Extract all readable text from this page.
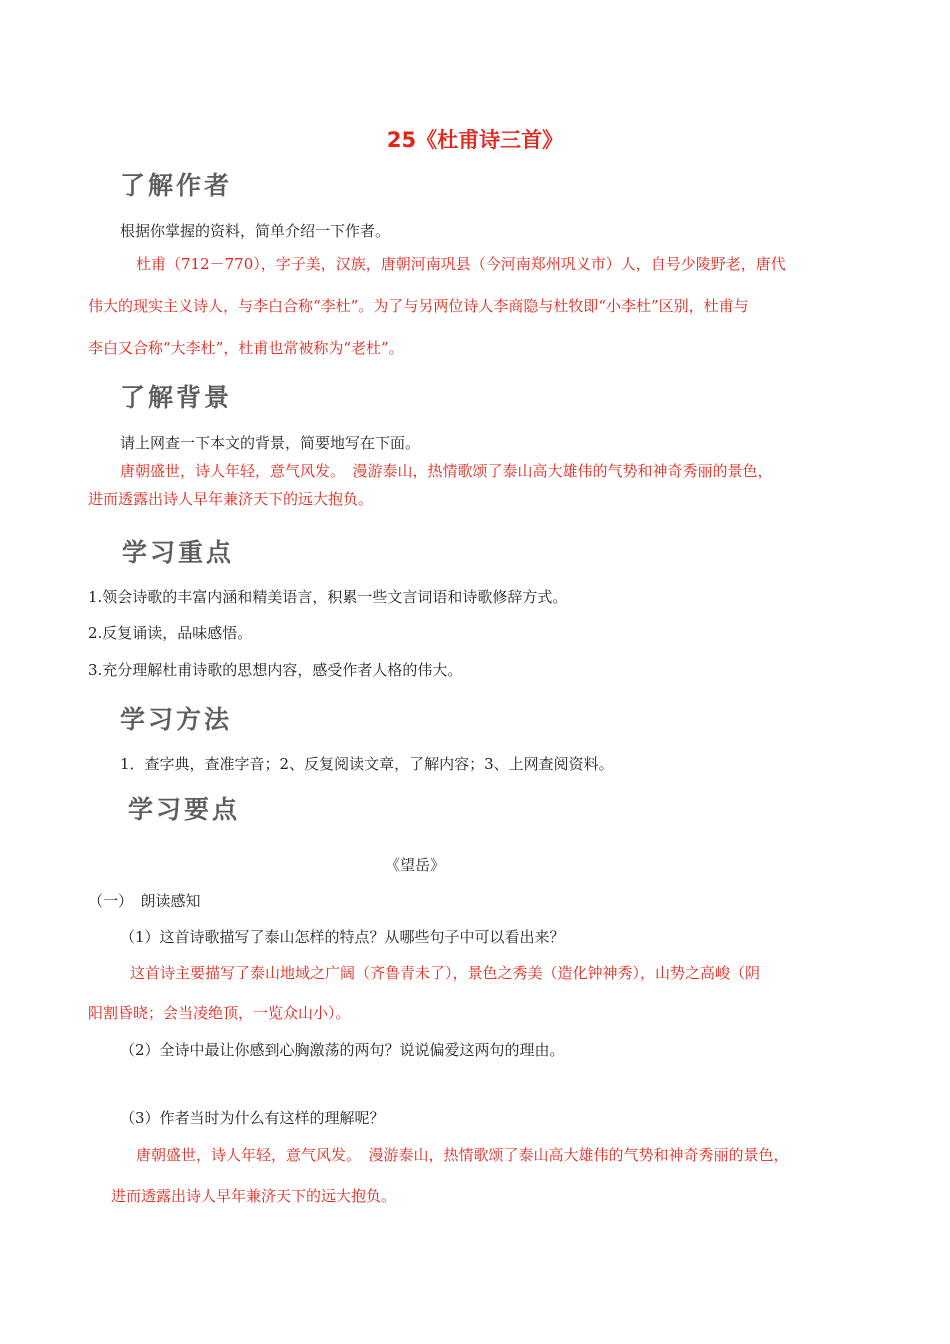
25《杜甫诗三首》
了解作者
根据你掌握的资料，简单介绍一下作者。
杜甫（712－770），字子美，汉族，唐朝河南巩县（今河南郑州巩义市）人，自号少陵野老，唐代
伟大的现实主义诗人，与李白合称“李杜”。为了与另两位诗人李商隐与杜牧即“小李杜”区别，杜甫与
李白又合称“大李杜”，杜甫也常被称为“老杜”。
了解背景
请上网查一下本文的背景，简要地写在下面。
唐朝盛世，诗人年轻，意气风发。　漫游泰山，热情歌颂了泰山高大雄伟的气势和神奇秀丽的景色，
进而透露出诗人早年兼济天下的远大抱负。
学习重点
1.领会诗歌的丰富内涵和精美语言，积累一些文言词语和诗歌修辞方式。
2.反复诵读，品味感悟。
3.充分理解杜甫诗歌的思想内容，感受作者人格的伟大。
学习方法
1．查字典，查准字音；2、反复阅读文章，了解内容；3、上网查阅资料。
学习要点
《望岳》
（一）　朗读感知
（1）这首诗歌描写了泰山怎样的特点？从哪些句子中可以看出来？
这首诗主要描写了泰山地域之广阔（齐鲁青未了），景色之秀美（造化钟神秀），山势之高峻（阴
阳割昏晓；会当凌绝顶，一览众山小）。
（2）全诗中最让你感到心胸激荡的两句？说说偏爱这两句的理由。
（3）作者当时为什么有这样的理解呢？
唐朝盛世，诗人年轻，意气风发。　漫游泰山，热情歌颂了泰山高大雄伟的气势和神奇秀丽的景色，
进而透露出诗人早年兼济天下的远大抱负。
